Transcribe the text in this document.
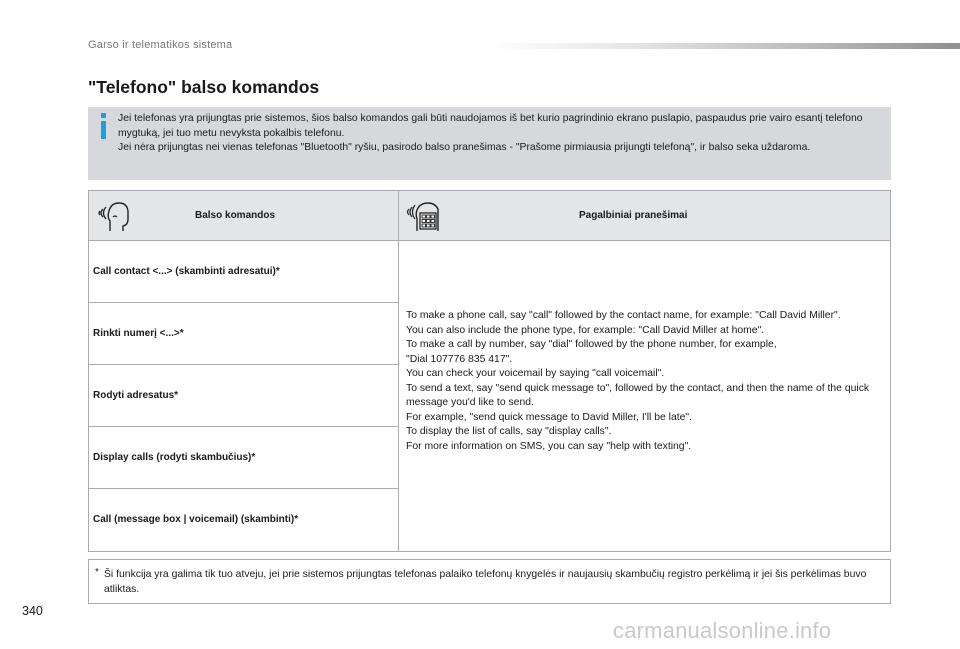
Garso ir telematikos sistema
"Telefono" balso komandos

Jei telefonas yra prijungtas prie sistemos, šios balso komandos gali būti naudojamos iš bet kurio pagrindinio ekrano puslapio, paspaudus prie vairo esantį telefono mygtuką, jei tuo metu nevyksta pokalbis telefonu.

Jei nėra prijungtas nei vienas telefonas "Bluetooth" ryšiu, pasirodo balso pranešimas - "Prašome pirmiausia prijungti telefoną", ir balso seka uždaroma.

Balso komandos	Pagalbiniai pranešimai
Call contact <...> (skambinti adresatui)*
Rinkti numerį <...>*
Rodyti adresatus*
Display calls (rodyti skambučius)*
Call (message box | voicemail) (skambinti)*

To make a phone call, say "call" followed by the contact name, for example: "Call David Miller".

You can also include the phone type, for example: "Call David Miller at home".

To make a call by number, say "dial" followed by the phone number, for example,

"Dial 107776 835 417".

You can check your voicemail by saying "call voicemail".

To send a text, say "send quick message to", followed by the contact, and then the name of the quick message you'd like to send.

For example, "send quick message to David Miller, I'll be late".

To display the list of calls, say "display calls".

For more information on SMS, you can say "help with texting".

* Ši funkcija yra galima tik tuo atveju, jei prie sistemos prijungtas telefonas palaiko telefonų knygelės ir naujausių skambučių registro perkėlimą ir jei šis perkėlimas buvo atliktas.
340
carmanualsonline.info
